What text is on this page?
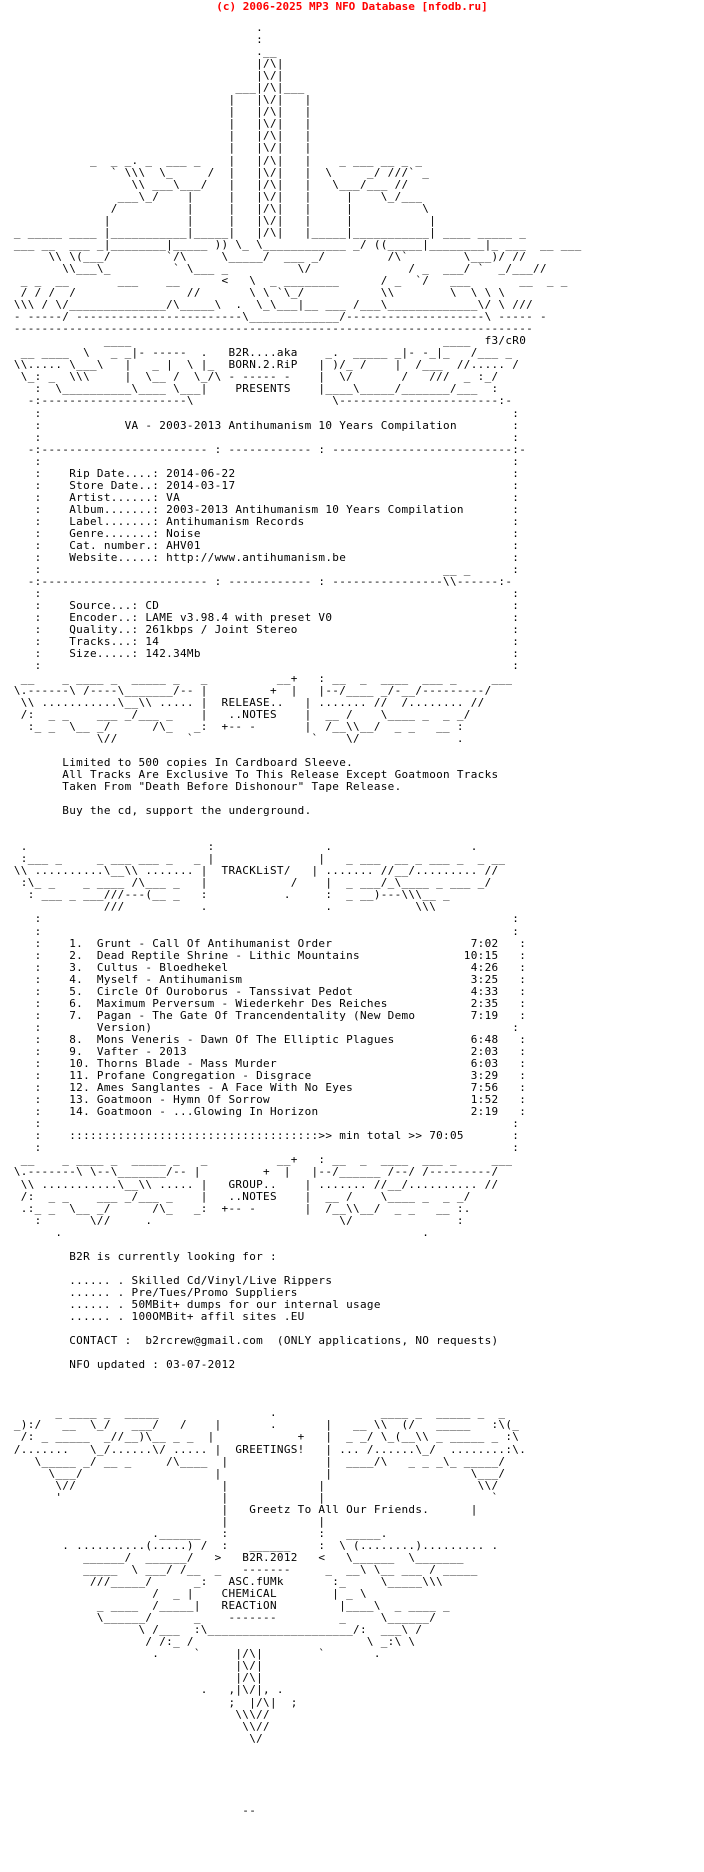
(c) 2006-2025 MP3 NFO Database [nfodb.ru]
.
:
.__
|/\|
|\/|
___|/\|___
|   |\/|   |
|   |/\|   |
|   |\/|   |
|   |/\|   |
|   |\/|   |
_  _ _. _  ___ _    |   |/\|   |    _ ___ __ _ _
` \\\  \_     /  |   |\/|   |  \     _/ ///` _
\\ ___\___/   |   |/\|   |   \___/___ //
___\_/    |     |   |\/|   |     |    \_/___
/          |     |   |/\|   |     |          \
|           |     |   |\/|   |     |           |
_ _____ ____ |___________|_____|   |/\|   |_____|___________| ____ _____ _
___ __  ___ _|________|_____ )) \_ \____________ _/ ((_____|________|_ ___  __ ___
\\ \(___/        `/\     \_____/  ___ _/         /\`        \___)/ //
\\___\_         ` \___ _          \/              / _  ___/ `  _/___//
_ _  __       ___    __      <   \  _ ________      / _  `/   ___       __  _ _
/ / /  /                //       \ \ `\_/           \\        \  \ \ \
\\\ / \/______________/\_____\  .  \_\___|__ ___ /___\_____________\/ \ ///
- -----/ ------------------------\_____________/--------------------\ ----- -
---------------------------------------------------------------------------
____                                             ____  f3/cR0
__ ____  \   _ _|- -----  .   B2R....aka    _.  _____ _|- -_|_   /___ _
\\..... \___\   |   _ |  \ |_  BORN.2.RiP   | )/_ /    |  /___  //..... /
\_: _  \\\     |  \__ /  \_/\ - ----- -    |  \/       /   ///  _ :_/
:  \__________\____ \___|    PRESENTS    |____\_____/_______/___  :
-:---------------------\                    \-----------------------:-
:                                                                    :
:            VA - 2003-2013 Antihumanism 10 Years Compilation        :
:                                                                    :
-:------------------------ : ------------ : --------------------------:-
:                                                                    :
:    Rip Date....: 2014-06-22                                        :
:    Store Date..: 2014-03-17                                        :
:    Artist......: VA                                                :
:    Album.......: 2003-2013 Antihumanism 10 Years Compilation       :
:    Label.......: Antihumanism Records                              :
:    Genre.......: Noise                                             :
:    Cat. number.: AHV01                                             :
:    Website.....: http://www.antihumanism.be                        :
:                                                          __ _      :
-:------------------------ : ------------ : ----------------\\------:-
:                                                                    :
:    Source...: CD                                                   :
:    Encoder..: LAME v3.98.4 with preset V0                          :
:    Quality..: 261kbps / Joint Stereo                               :
:    Tracks...: 14                                                   :
:    Size.....: 142.34Mb                                             :
:                                                                    :
__    _ ____ _  _____ _   _          __+   : __  _  ____  ___ _     ___
\.------\ /----\_______/-- |         +  |   |--/____ _/-__/---------/
\\ ...........\__\\ ..... |  RELEASE..   | ....... //  /........ //
/:  _ _    ___ _/___ _    |   ..NOTES    |  __ /    \____ _  _ _/
:_ _  \__ _/      /\_   _:  +-- -       |  /__\\__/  _ _   __ :
\//          `                 `    \/              .

Limited to 500 copies In Cardboard Sleeve.
All Tracks Are Exclusive To This Release Except Goatmoon Tracks
Taken From "Death Before Dishonour" Tape Release.

Buy the cd, support the underground.

.                          :                .                    .
:___ _     _ ___ ___ _   _ |               |   _ ___  __ _ ___ _  _ __
\\ ..........\__\\ ....... |  TRACKLiST/   | ....... //__/......... //
:\_ _    _ ____ /\___ _   |            /    |  _ ___/_\____ _ ___ _/
: ___ _ ___///---(__ _   :           .     :  _ __)---\\\__ _
///           .                 .            \\\
:                                                                    :
:                                                                    :
:    1.  Grunt - Call Of Antihumanist Order                    7:02   :
:    2.  Dead Reptile Shrine - Lithic Mountains               10:15   :
:    3.  Cultus - Bloedhekel                                   4:26   :
:    4.  Myself - Antihumanism                                 3:25   :
:    5.  Circle Of Ouroborus - Tanssivat Pedot                 4:33   :
:    6.  Maximum Perversum - Wiederkehr Des Reiches            2:35   :
:    7.  Pagan - The Gate Of Trancendentality (New Demo        7:19   :
:        Version)                                                    :
:    8.  Mons Veneris - Dawn Of The Elliptic Plagues           6:48   :
:    9.  Vafter - 2013                                         2:03   :
:    10. Thorns Blade - Mass Murder                            6:03   :
:    11. Profane Congregation - Disgrace                       3:29   :
:    12. Ames Sanglantes - A Face With No Eyes                 7:56   :
:    13. Goatmoon - Hymn Of Sorrow                             1:52   :
:    14. Goatmoon - ...Glowing In Horizon                      2:19   :
:                                                                    :
:    ::::::::::::::::::::::::::::::::::::>> min total >> 70:05       :
:                                                                    :
__    _ ____ _  _____ _   _          __+   : __  _  ____  ___ _     ___
\.-------\ \--\_______/-- |         +  |   |--/______ /--/ /---------/
\\ ...........\__\\ ..... |   GROUP..    | ....... //__/.......... //
/:  _ _    ___ _/___ _    |   ..NOTES    |  __ /    \____ _  _ _/
.:_ _  \__ _/      /\_   _:  +-- -       |  /__\\__/  _ _   __ :.
:       \//     .                           \/               :
.                                                    .

B2R is currently looking for :

...... . Skilled Cd/Vinyl/Live Rippers
...... . Pre/Tues/Promo Suppliers
...... . 50MBit+ dumps for our internal usage
...... . 100OMBit+ affil sites .EU

CONTACT :  b2rcrew@gmail.com  (ONLY applications, NO requests)

NFO updated : 03-07-2012

_ ____ _  _____                .               ____ _  _____ _  _
_):/   __  \_/   ___/   /    |       .       |   __ \\  (/   _____   :\(_
/: _ _____  _//__)\__ _ _  |            +   |  _ _/ \_(__\\ _ _____ _ :\
/.......   \_/......\/ ..... |  GREETINGS!   | ... /......\_/  ........:\.
\_____ _/ __ _     /\____  |              |  ____/\   _ _ _\_ _____/
\___/                   |               |                    \___/
\//                     |             |                      \\/
'                       |             |                        `
|   Greetz To All Our Friends.      |
|             |
.______   :             :   _____.
. ..........(.....) /  :   ______    :  \ (........)......... .
______/  ______/   >   B2R.2012   <   \______  \_______
_____  \ ___/ /__  _   -------     _  __\ \__ ___ / _____
///_____/      _:   ASC.fUMk       :_     \_____\\\
/  _ |    CHEMiCAL        | _ \
_ ____  /_____|   REACTiON         |____\  _ ____ _
\______/      _    -------         _     \______/
\ /___  :\_____________________/:  ___\ /
/ /:_ /                         \ _:\ \
.     `     |/\|        `       .
|\/|
|/\|
.   ,|\/|, .
;  |/\|  ;
\\\//
\\//
\/

--
